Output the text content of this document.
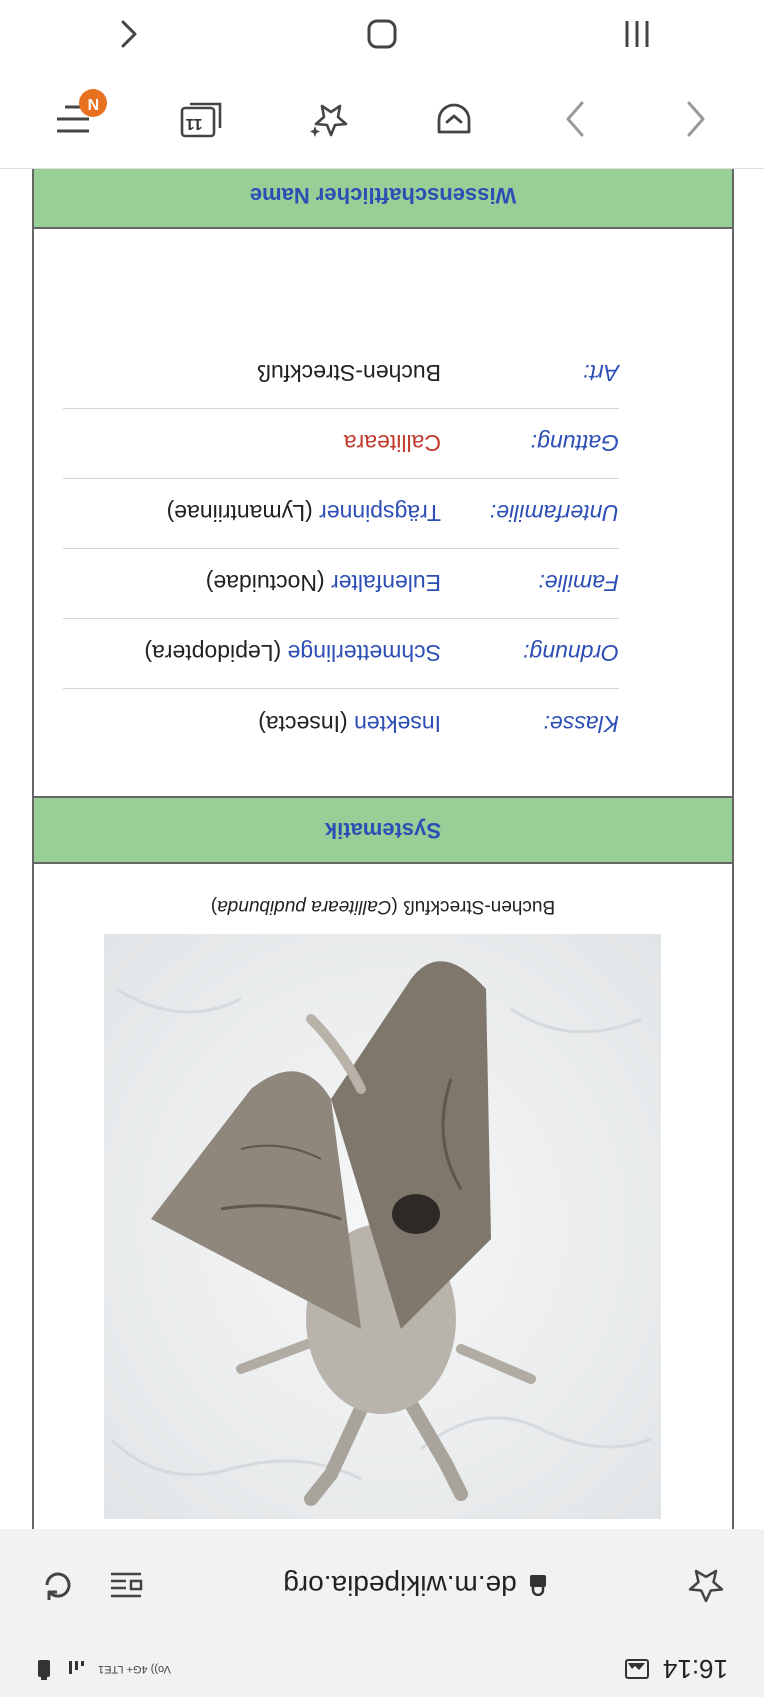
16:14
Vo)) 4G+ LTE1
de.m.wikipedia.org
Buchen-Streckfuß (Calliteara pudibunda)
Systematik
Klasse:
Insekten (Insecta)
Ordnung:
Schmetterlinge (Lepidoptera)
Familie:
Eulenfalter (Noctuidae)
Unterfamilie:
Trägspinner (Lymantriinae)
Gattung:
Calliteara
Art:
Buchen-Streckfuß
Wissenschaftlicher Name
11
N
